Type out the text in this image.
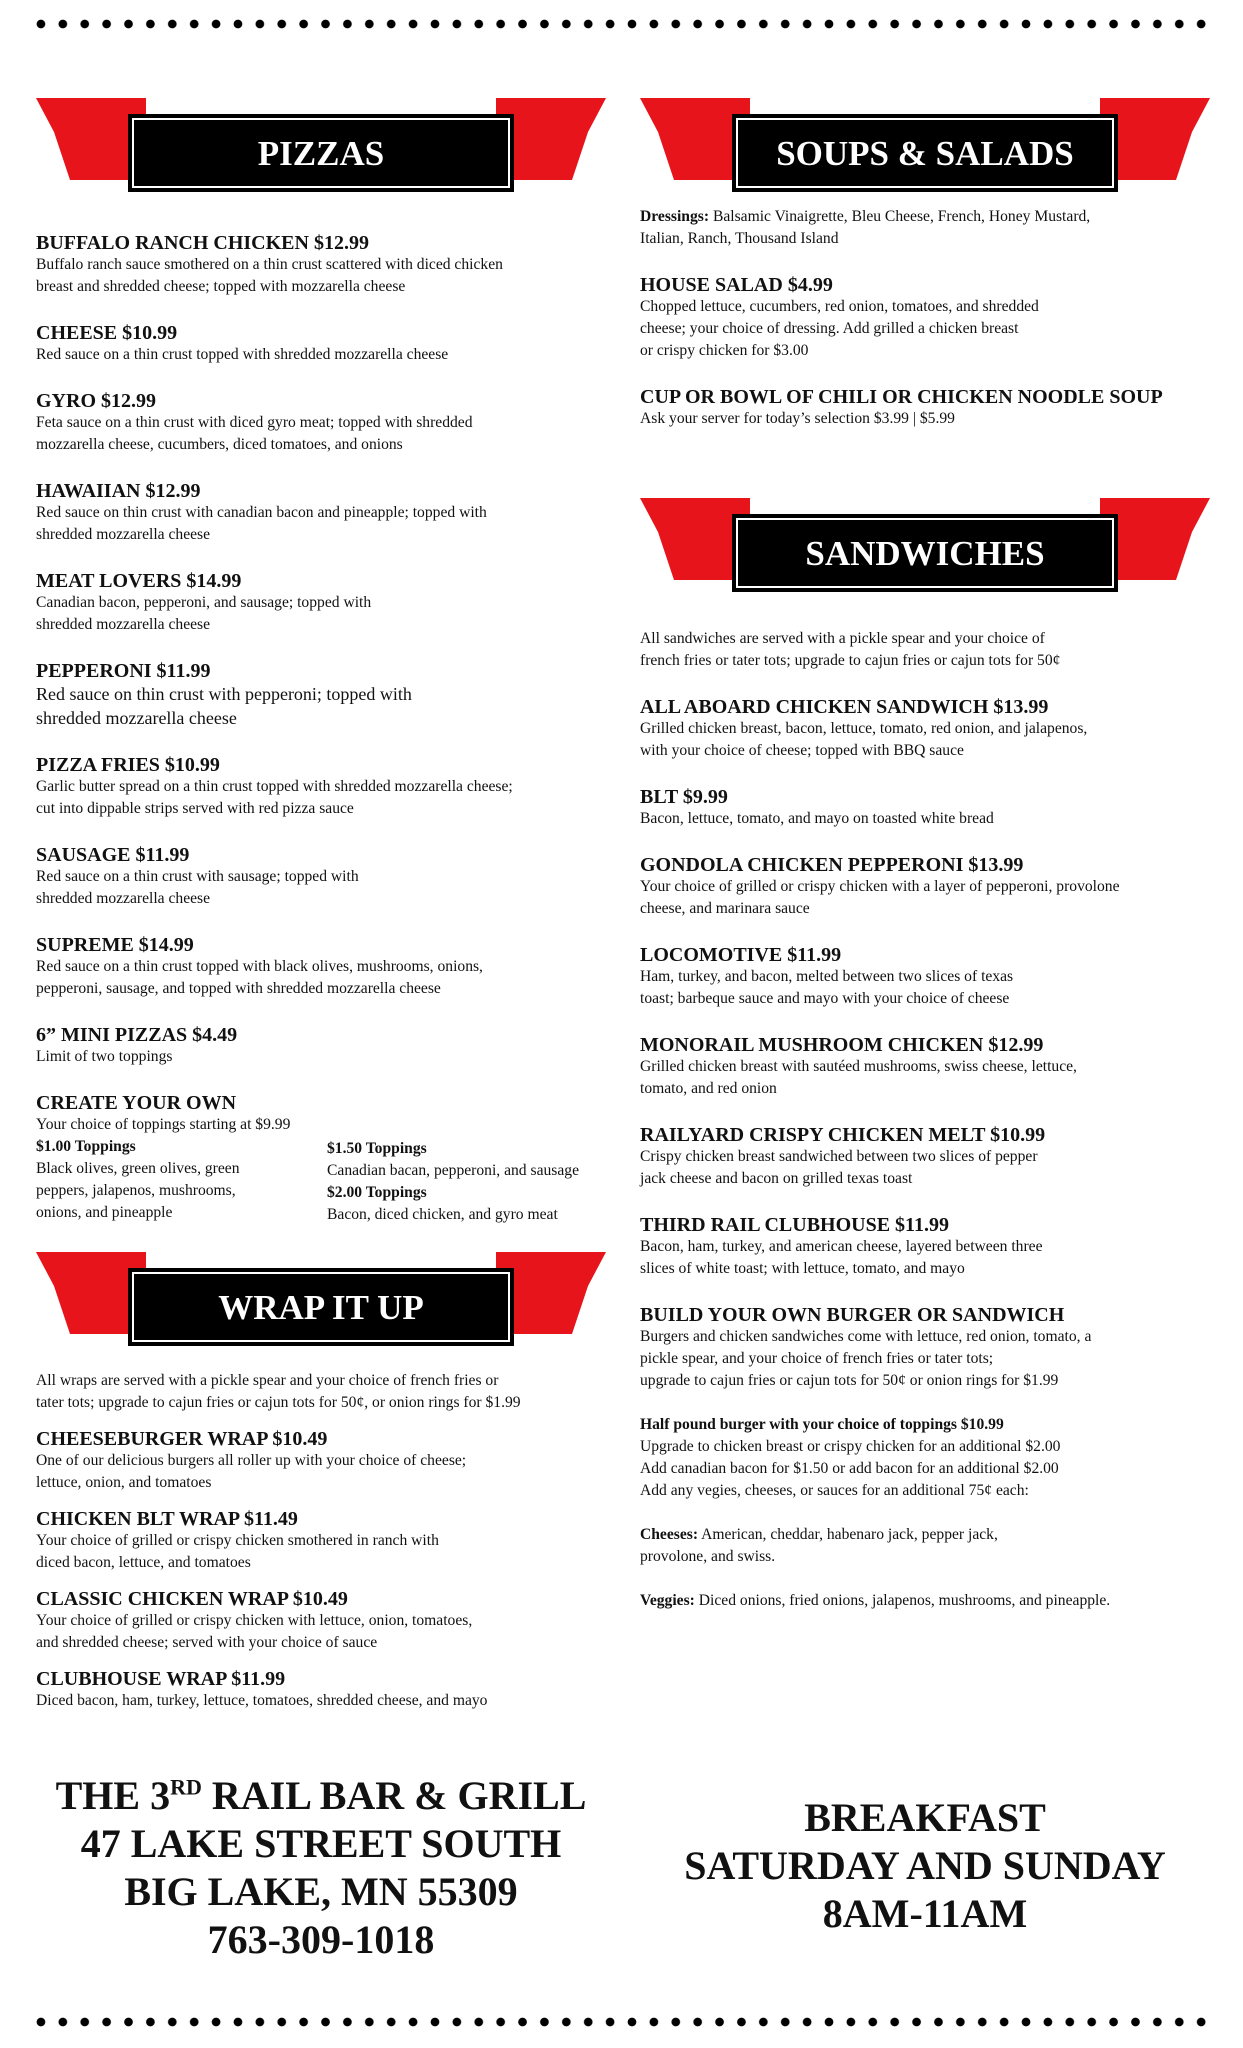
PIZZAS
BUFFALO RANCH CHICKEN $12.99
Buffalo ranch sauce smothered on a thin crust scattered with diced chicken
breast and shredded cheese; topped with mozzarella cheese
CHEESE $10.99
Red sauce on a thin crust topped with shredded mozzarella cheese
GYRO $12.99
Feta sauce on a thin crust with diced gyro meat; topped with shredded
mozzarella cheese, cucumbers, diced tomatoes, and onions
HAWAIIAN $12.99
Red sauce on thin crust with canadian bacon and pineapple; topped with
shredded mozzarella cheese
MEAT LOVERS $14.99
Canadian bacon, pepperoni, and sausage; topped with
shredded mozzarella cheese
PEPPERONI $11.99
Red sauce on thin crust with pepperoni; topped with
shredded mozzarella cheese
PIZZA FRIES $10.99
Garlic butter spread on a thin crust topped with shredded mozzarella cheese;
cut into dippable strips served with red pizza sauce
SAUSAGE $11.99
Red sauce on a thin crust with sausage; topped with
shredded mozzarella cheese
SUPREME $14.99
Red sauce on a thin crust topped with black olives, mushrooms, onions,
pepperoni, sausage, and topped with shredded mozzarella cheese
6” MINI PIZZAS $4.49
Limit of two toppings
CREATE YOUR OWN
Your choice of toppings starting at $9.99
$1.00 Toppings
Black olives, green olives, green
peppers, jalapenos, mushrooms,
onions, and pineapple
$1.50 Toppings
Canadian bacan, pepperoni, and sausage
$2.00 Toppings
Bacon, diced chicken, and gyro meat
WRAP IT UP
All wraps are served with a pickle spear and your choice of french fries or
tater tots; upgrade to cajun fries or cajun tots for 50¢, or onion rings for $1.99
CHEESEBURGER WRAP $10.49
One of our delicious burgers all roller up with your choice of cheese;
lettuce, onion, and tomatoes
CHICKEN BLT WRAP $11.49
Your choice of grilled or crispy chicken smothered in ranch with
diced bacon, lettuce, and tomatoes
CLASSIC CHICKEN WRAP $10.49
Your choice of grilled or crispy chicken with lettuce, onion, tomatoes,
and shredded cheese; served with your choice of sauce
CLUBHOUSE WRAP $11.99
Diced bacon, ham, turkey, lettuce, tomatoes, shredded cheese, and mayo
SOUPS & SALADS
Dressings: Balsamic Vinaigrette, Bleu Cheese, French, Honey Mustard,
Italian, Ranch, Thousand Island
HOUSE SALAD $4.99
Chopped lettuce, cucumbers, red onion, tomatoes, and shredded
cheese; your choice of dressing. Add grilled a chicken breast
or crispy chicken for $3.00
CUP OR BOWL OF CHILI OR CHICKEN NOODLE SOUP
Ask your server for today’s selection $3.99 | $5.99
SANDWICHES
All sandwiches are served with a pickle spear and your choice of
french fries or tater tots; upgrade to cajun fries or cajun tots for 50¢
ALL ABOARD CHICKEN SANDWICH $13.99
Grilled chicken breast, bacon, lettuce, tomato, red onion, and jalapenos,
with your choice of cheese; topped with BBQ sauce
BLT $9.99
Bacon, lettuce, tomato, and mayo on toasted white bread
GONDOLA CHICKEN PEPPERONI $13.99
Your choice of grilled or crispy chicken with a layer of pepperoni, provolone
cheese, and marinara sauce
LOCOMOTIVE $11.99
Ham, turkey, and bacon, melted between two slices of texas
toast; barbeque sauce and mayo with your choice of cheese
MONORAIL MUSHROOM CHICKEN $12.99
Grilled chicken breast with sautéed mushrooms, swiss cheese, lettuce,
tomato, and red onion
RAILYARD CRISPY CHICKEN MELT $10.99
Crispy chicken breast sandwiched between two slices of pepper
jack cheese and bacon on grilled texas toast
THIRD RAIL CLUBHOUSE $11.99
Bacon, ham, turkey, and american cheese, layered between three
slices of white toast; with lettuce, tomato, and mayo
BUILD YOUR OWN BURGER OR SANDWICH
Burgers and chicken sandwiches come with lettuce, red onion, tomato, a
pickle spear, and your choice of french fries or tater tots;
upgrade to cajun fries or cajun tots for 50¢ or onion rings for $1.99
Half pound burger with your choice of toppings $10.99
Upgrade to chicken breast or crispy chicken for an additional $2.00
Add canadian bacon for $1.50 or add bacon for an additional $2.00
Add any vegies, cheeses, or sauces for an additional 75¢ each:
Cheeses: American, cheddar, habenaro jack, pepper jack,
provolone, and swiss.
Veggies: Diced onions, fried onions, jalapenos, mushrooms, and pineapple.
THE 3RD RAIL BAR & GRILL
47 LAKE STREET SOUTH
BIG LAKE, MN 55309
763-309-1018
BREAKFAST
SATURDAY AND SUNDAY
8AM-11AM
